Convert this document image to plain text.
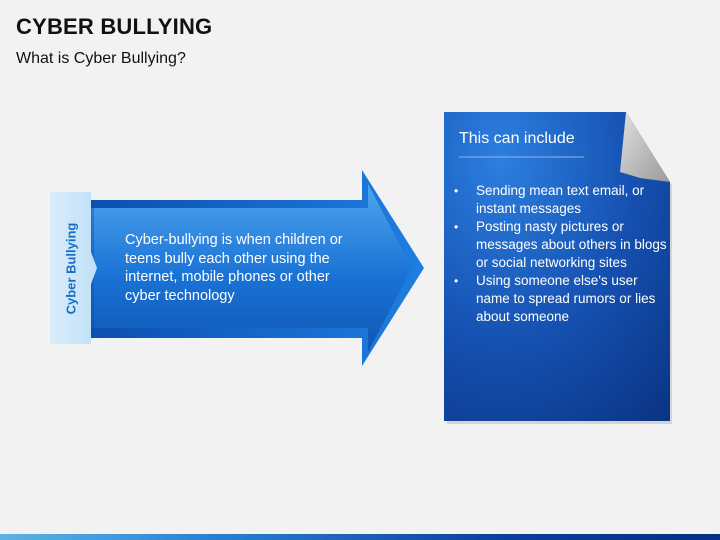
CYBER BULLYING
What is Cyber Bullying?
Cyber Bullying	Cyber-bullying is when children or teens bully each other using the internet, mobile phones or other cyber technology
This can include
• Sending mean text email, or instant messages
• Posting nasty pictures or messages about others in blogs or social networking sites
• Using someone else's user name to spread rumors or lies about someone
